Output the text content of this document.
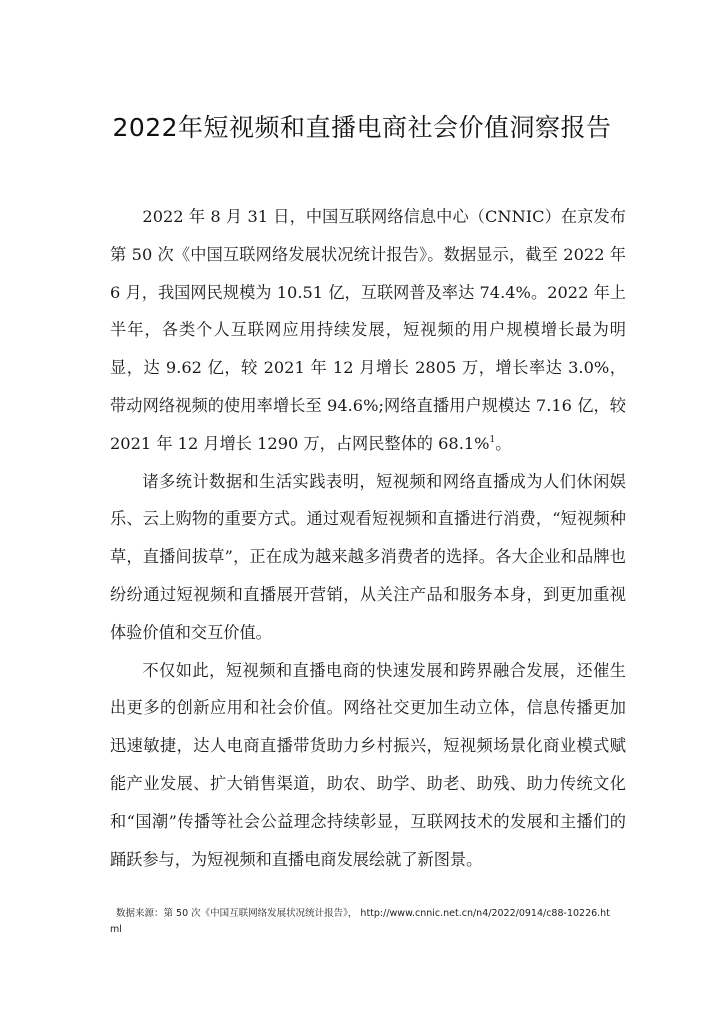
2022年短视频和直播电商社会价值洞察报告

2022 年 8 月 31 日，中国互联网络信息中心（CNNIC）在京发布第 50 次《中国互联网络发展状况统计报告》。数据显示，截至 2022 年 6 月，我国网民规模为 10.51 亿，互联网普及率达 74.4%。2022 年上半年，各类个人互联网应用持续发展，短视频的用户规模增长最为明显，达 9.62 亿，较 2021 年 12 月增长 2805 万，增长率达 3.0%，带动网络视频的使用率增长至 94.6%;网络直播用户规模达 7.16 亿，较 2021 年 12 月增长 1290 万，占网民整体的 68.1%$^1$。

诸多统计数据和生活实践表明，短视频和网络直播成为人们休闲娱乐、云上购物的重要方式。通过观看短视频和直播进行消费，“短视频种草，直播间拔草”，正在成为越来越多消费者的选择。各大企业和品牌也纷纷通过短视频和直播展开营销，从关注产品和服务本身，到更加重视体验价值和交互价值。

不仅如此，短视频和直播电商的快速发展和跨界融合发展，还催生出更多的创新应用和社会价值。网络社交更加生动立体，信息传播更加迅速敏捷，达人电商直播带货助力乡村振兴，短视频场景化商业模式赋能产业发展、扩大销售渠道，助农、助学、助老、助残、助力传统文化和“国潮”传播等社会公益理念持续彰显，互联网技术的发展和主播们的踊跃参与，为短视频和直播电商发展绘就了新图景。

数据来源：第 50 次《中国互联网络发展状况统计报告》， http://www.cnnic.net.cn/n4/2022/0914/c88-10226.html
